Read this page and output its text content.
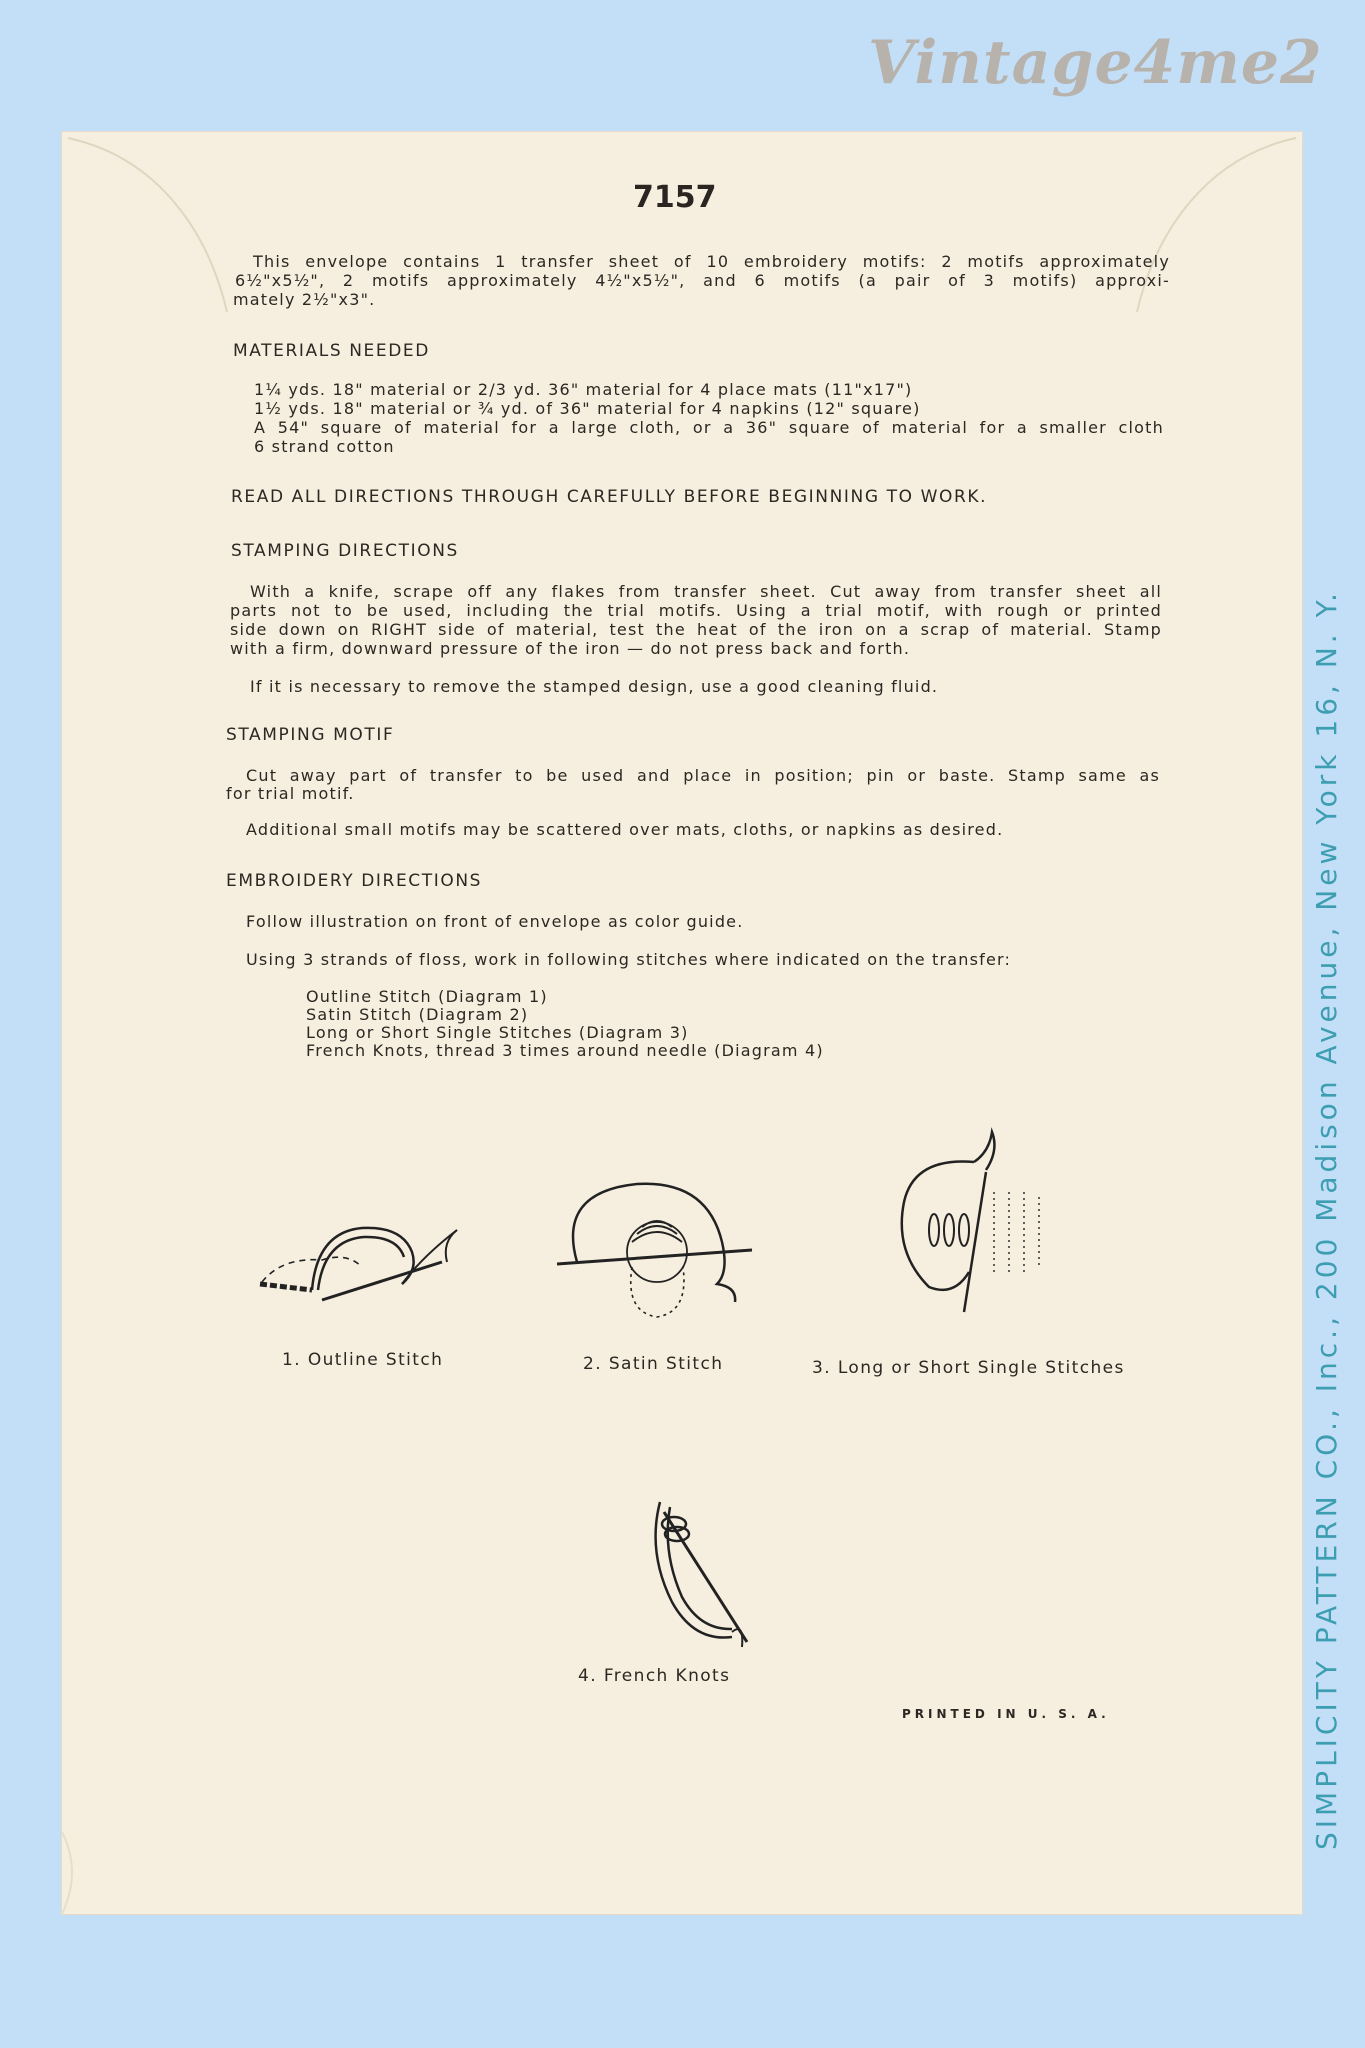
Vintage4me2
7157
This envelope contains 1 transfer sheet of 10 embroidery motifs: 2 motifs approximately
6½"x5½", 2 motifs approximately 4½"x5½", and 6 motifs (a pair of 3 motifs) approxi-
mately 2½"x3".
MATERIALS NEEDED
1¼ yds. 18" material or 2/3 yd. 36" material for 4 place mats (11"x17")
1½ yds. 18" material or ¾ yd. of 36" material for 4 napkins (12" square)
A 54" square of material for a large cloth, or a 36" square of material for a smaller cloth
6 strand cotton
READ ALL DIRECTIONS THROUGH CAREFULLY BEFORE BEGINNING TO WORK.
STAMPING DIRECTIONS
With a knife, scrape off any flakes from transfer sheet. Cut away from transfer sheet all
parts not to be used, including the trial motifs. Using a trial motif, with rough or printed
side down on RIGHT side of material, test the heat of the iron on a scrap of material. Stamp
with a firm, downward pressure of the iron — do not press back and forth.
If it is necessary to remove the stamped design, use a good cleaning fluid.
STAMPING MOTIF
Cut away part of transfer to be used and place in position; pin or baste. Stamp same as
for trial motif.
Additional small motifs may be scattered over mats, cloths, or napkins as desired.
EMBROIDERY DIRECTIONS
Follow illustration on front of envelope as color guide.
Using 3 strands of floss, work in following stitches where indicated on the transfer:
Outline Stitch (Diagram 1)
Satin Stitch (Diagram 2)
Long or Short Single Stitches (Diagram 3)
French Knots, thread 3 times around needle (Diagram 4)
1. Outline Stitch	2. Satin Stitch	3. Long or Short Single Stitches
4. French Knots
PRINTED IN U. S. A.	SIMPLICITY PATTERN CO., Inc., 200 Madison Avenue, New York 16, N. Y.
